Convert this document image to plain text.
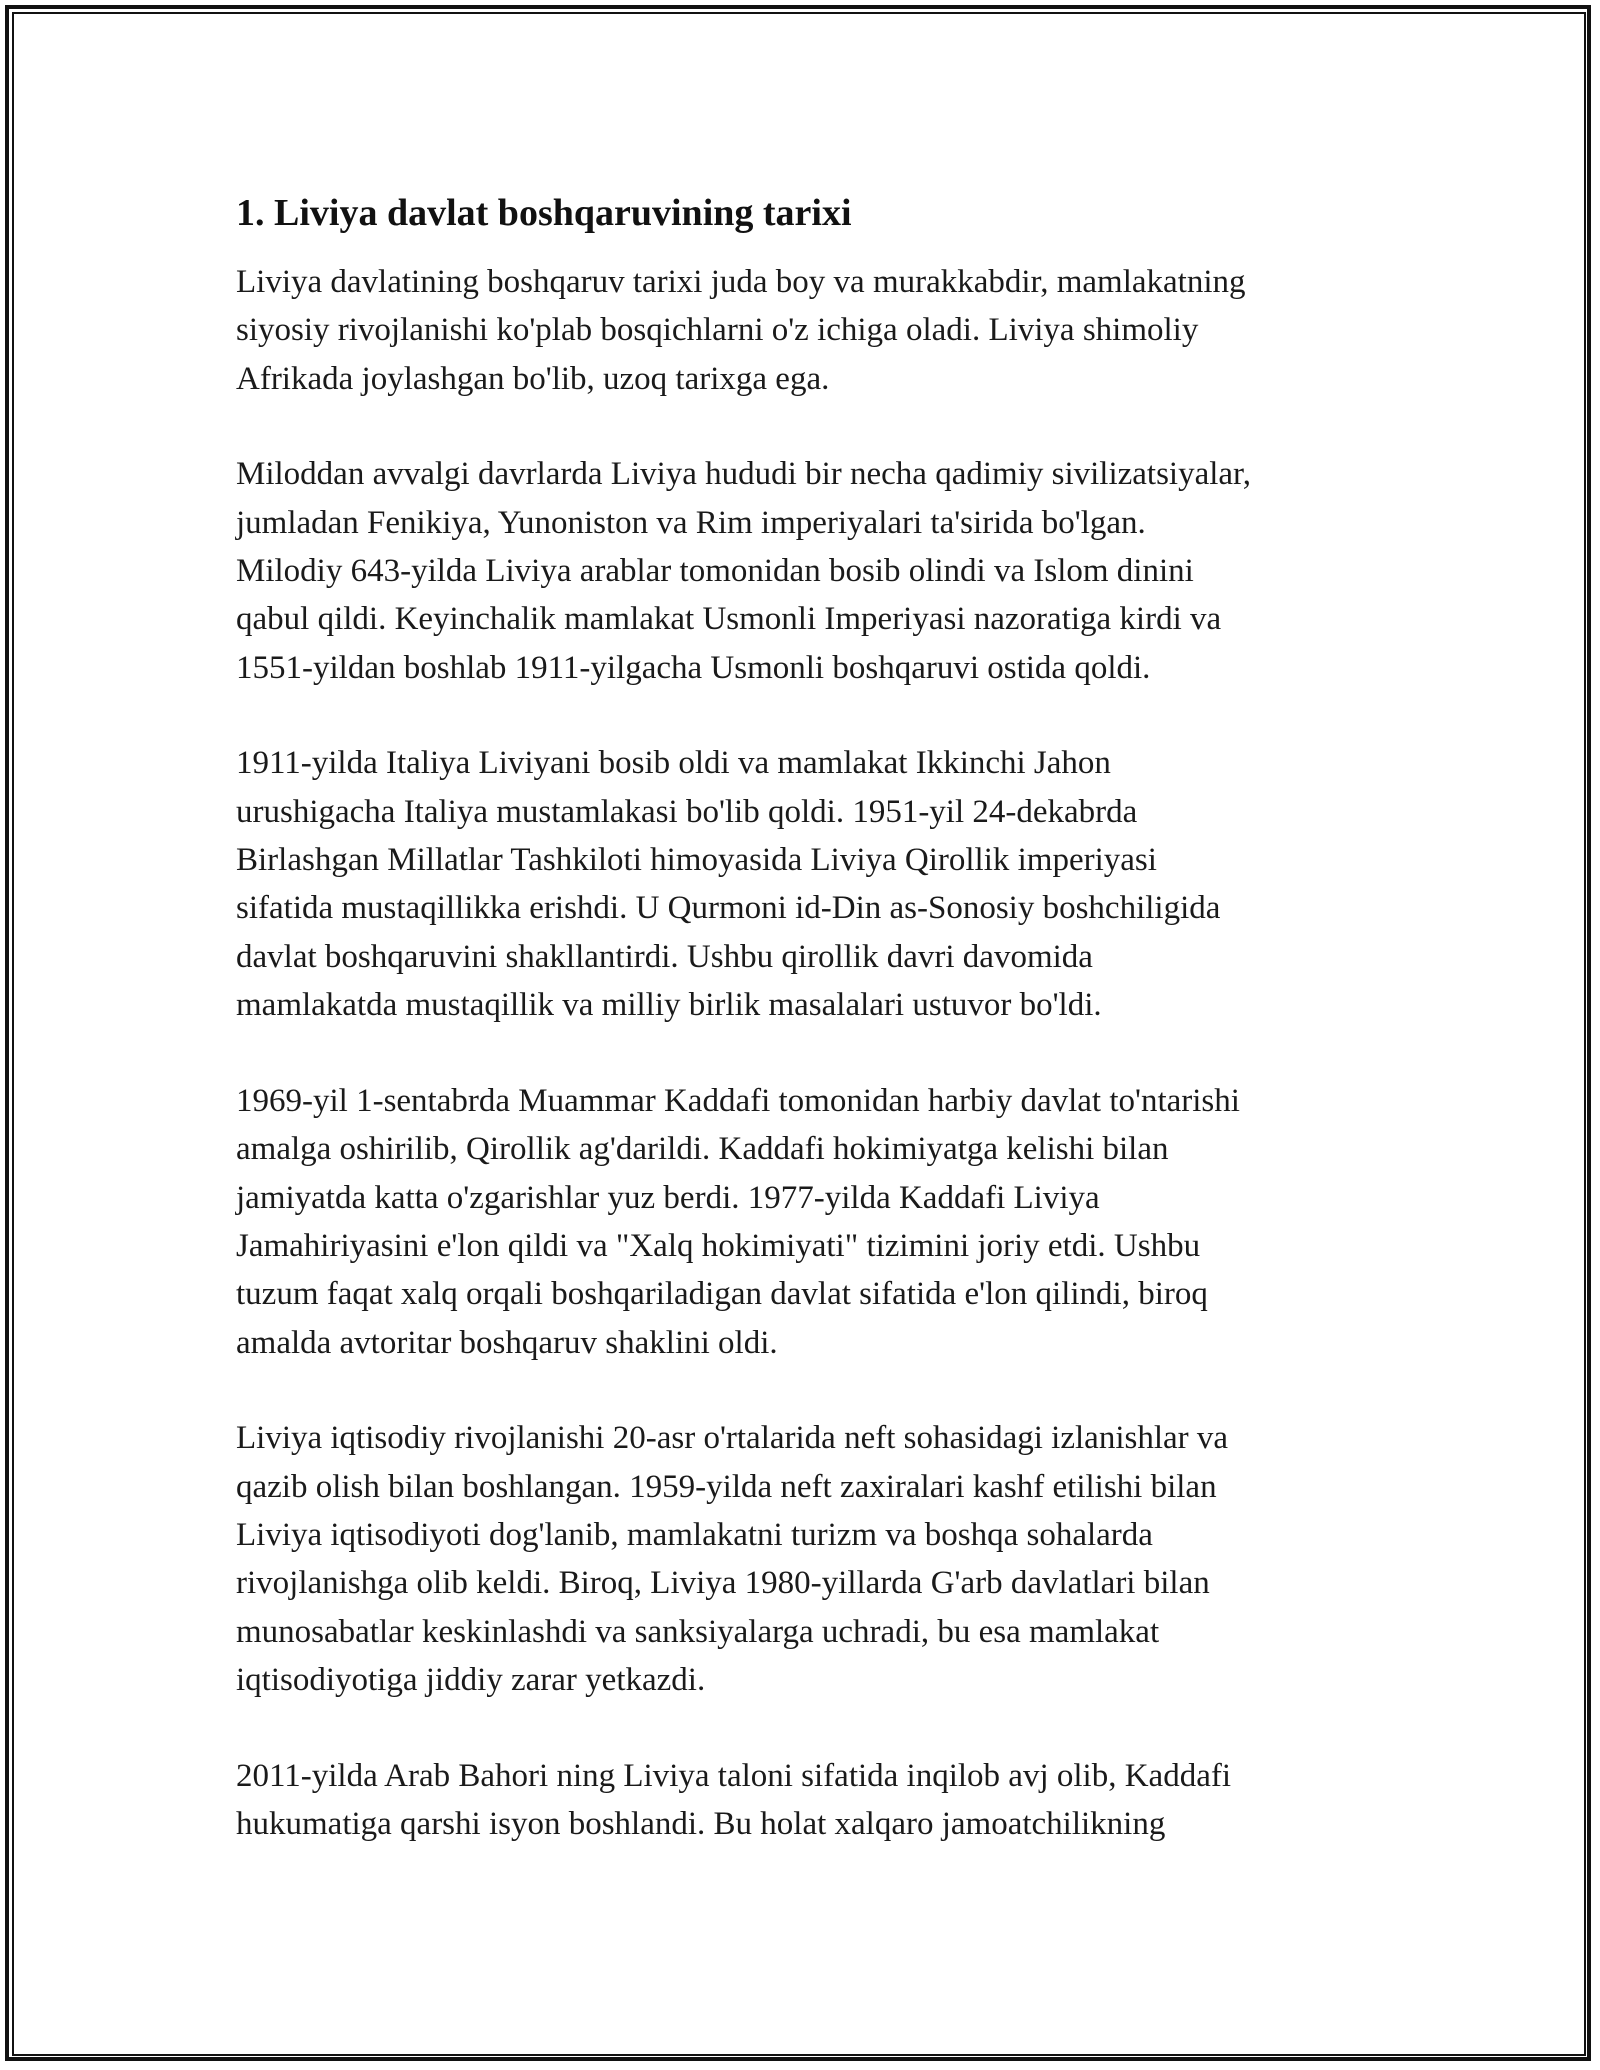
1. Liviya davlat boshqaruvining tarixi

Liviya davlatining boshqaruv tarixi juda boy va murakkabdir, mamlakatning
siyosiy rivojlanishi ko'plab bosqichlarni o'z ichiga oladi. Liviya shimoliy
Afrikada joylashgan bo'lib, uzoq tarixga ega.

Miloddan avvalgi davrlarda Liviya hududi bir necha qadimiy sivilizatsiyalar,
jumladan Fenikiya, Yunoniston va Rim imperiyalari ta'sirida bo'lgan.
Milodiy 643-yilda Liviya arablar tomonidan bosib olindi va Islom dinini
qabul qildi. Keyinchalik mamlakat Usmonli Imperiyasi nazoratiga kirdi va
1551-yildan boshlab 1911-yilgacha Usmonli boshqaruvi ostida qoldi.

1911-yilda Italiya Liviyani bosib oldi va mamlakat Ikkinchi Jahon
urushigacha Italiya mustamlakasi bo'lib qoldi. 1951-yil 24-dekabrda
Birlashgan Millatlar Tashkiloti himoyasida Liviya Qirollik imperiyasi
sifatida mustaqillikka erishdi. U Qurmoni id-Din as-Sonosiy boshchiligida
davlat boshqaruvini shakllantirdi. Ushbu qirollik davri davomida
mamlakatda mustaqillik va milliy birlik masalalari ustuvor bo'ldi.

1969-yil 1-sentabrda Muammar Kaddafi tomonidan harbiy davlat to'ntarishi
amalga oshirilib, Qirollik ag'darildi. Kaddafi hokimiyatga kelishi bilan
jamiyatda katta o'zgarishlar yuz berdi. 1977-yilda Kaddafi Liviya
Jamahiriyasini e'lon qildi va "Xalq hokimiyati" tizimini joriy etdi. Ushbu
tuzum faqat xalq orqali boshqariladigan davlat sifatida e'lon qilindi, biroq
amalda avtoritar boshqaruv shaklini oldi.

Liviya iqtisodiy rivojlanishi 20-asr o'rtalarida neft sohasidagi izlanishlar va
qazib olish bilan boshlangan. 1959-yilda neft zaxiralari kashf etilishi bilan
Liviya iqtisodiyoti dog'lanib, mamlakatni turizm va boshqa sohalarda
rivojlanishga olib keldi. Biroq, Liviya 1980-yillarda G'arb davlatlari bilan
munosabatlar keskinlashdi va sanksiyalarga uchradi, bu esa mamlakat
iqtisodiyotiga jiddiy zarar yetkazdi.

2011-yilda Arab Bahori ning Liviya taloni sifatida inqilob avj olib, Kaddafi
hukumatiga qarshi isyon boshlandi. Bu holat xalqaro jamoatchilikning
